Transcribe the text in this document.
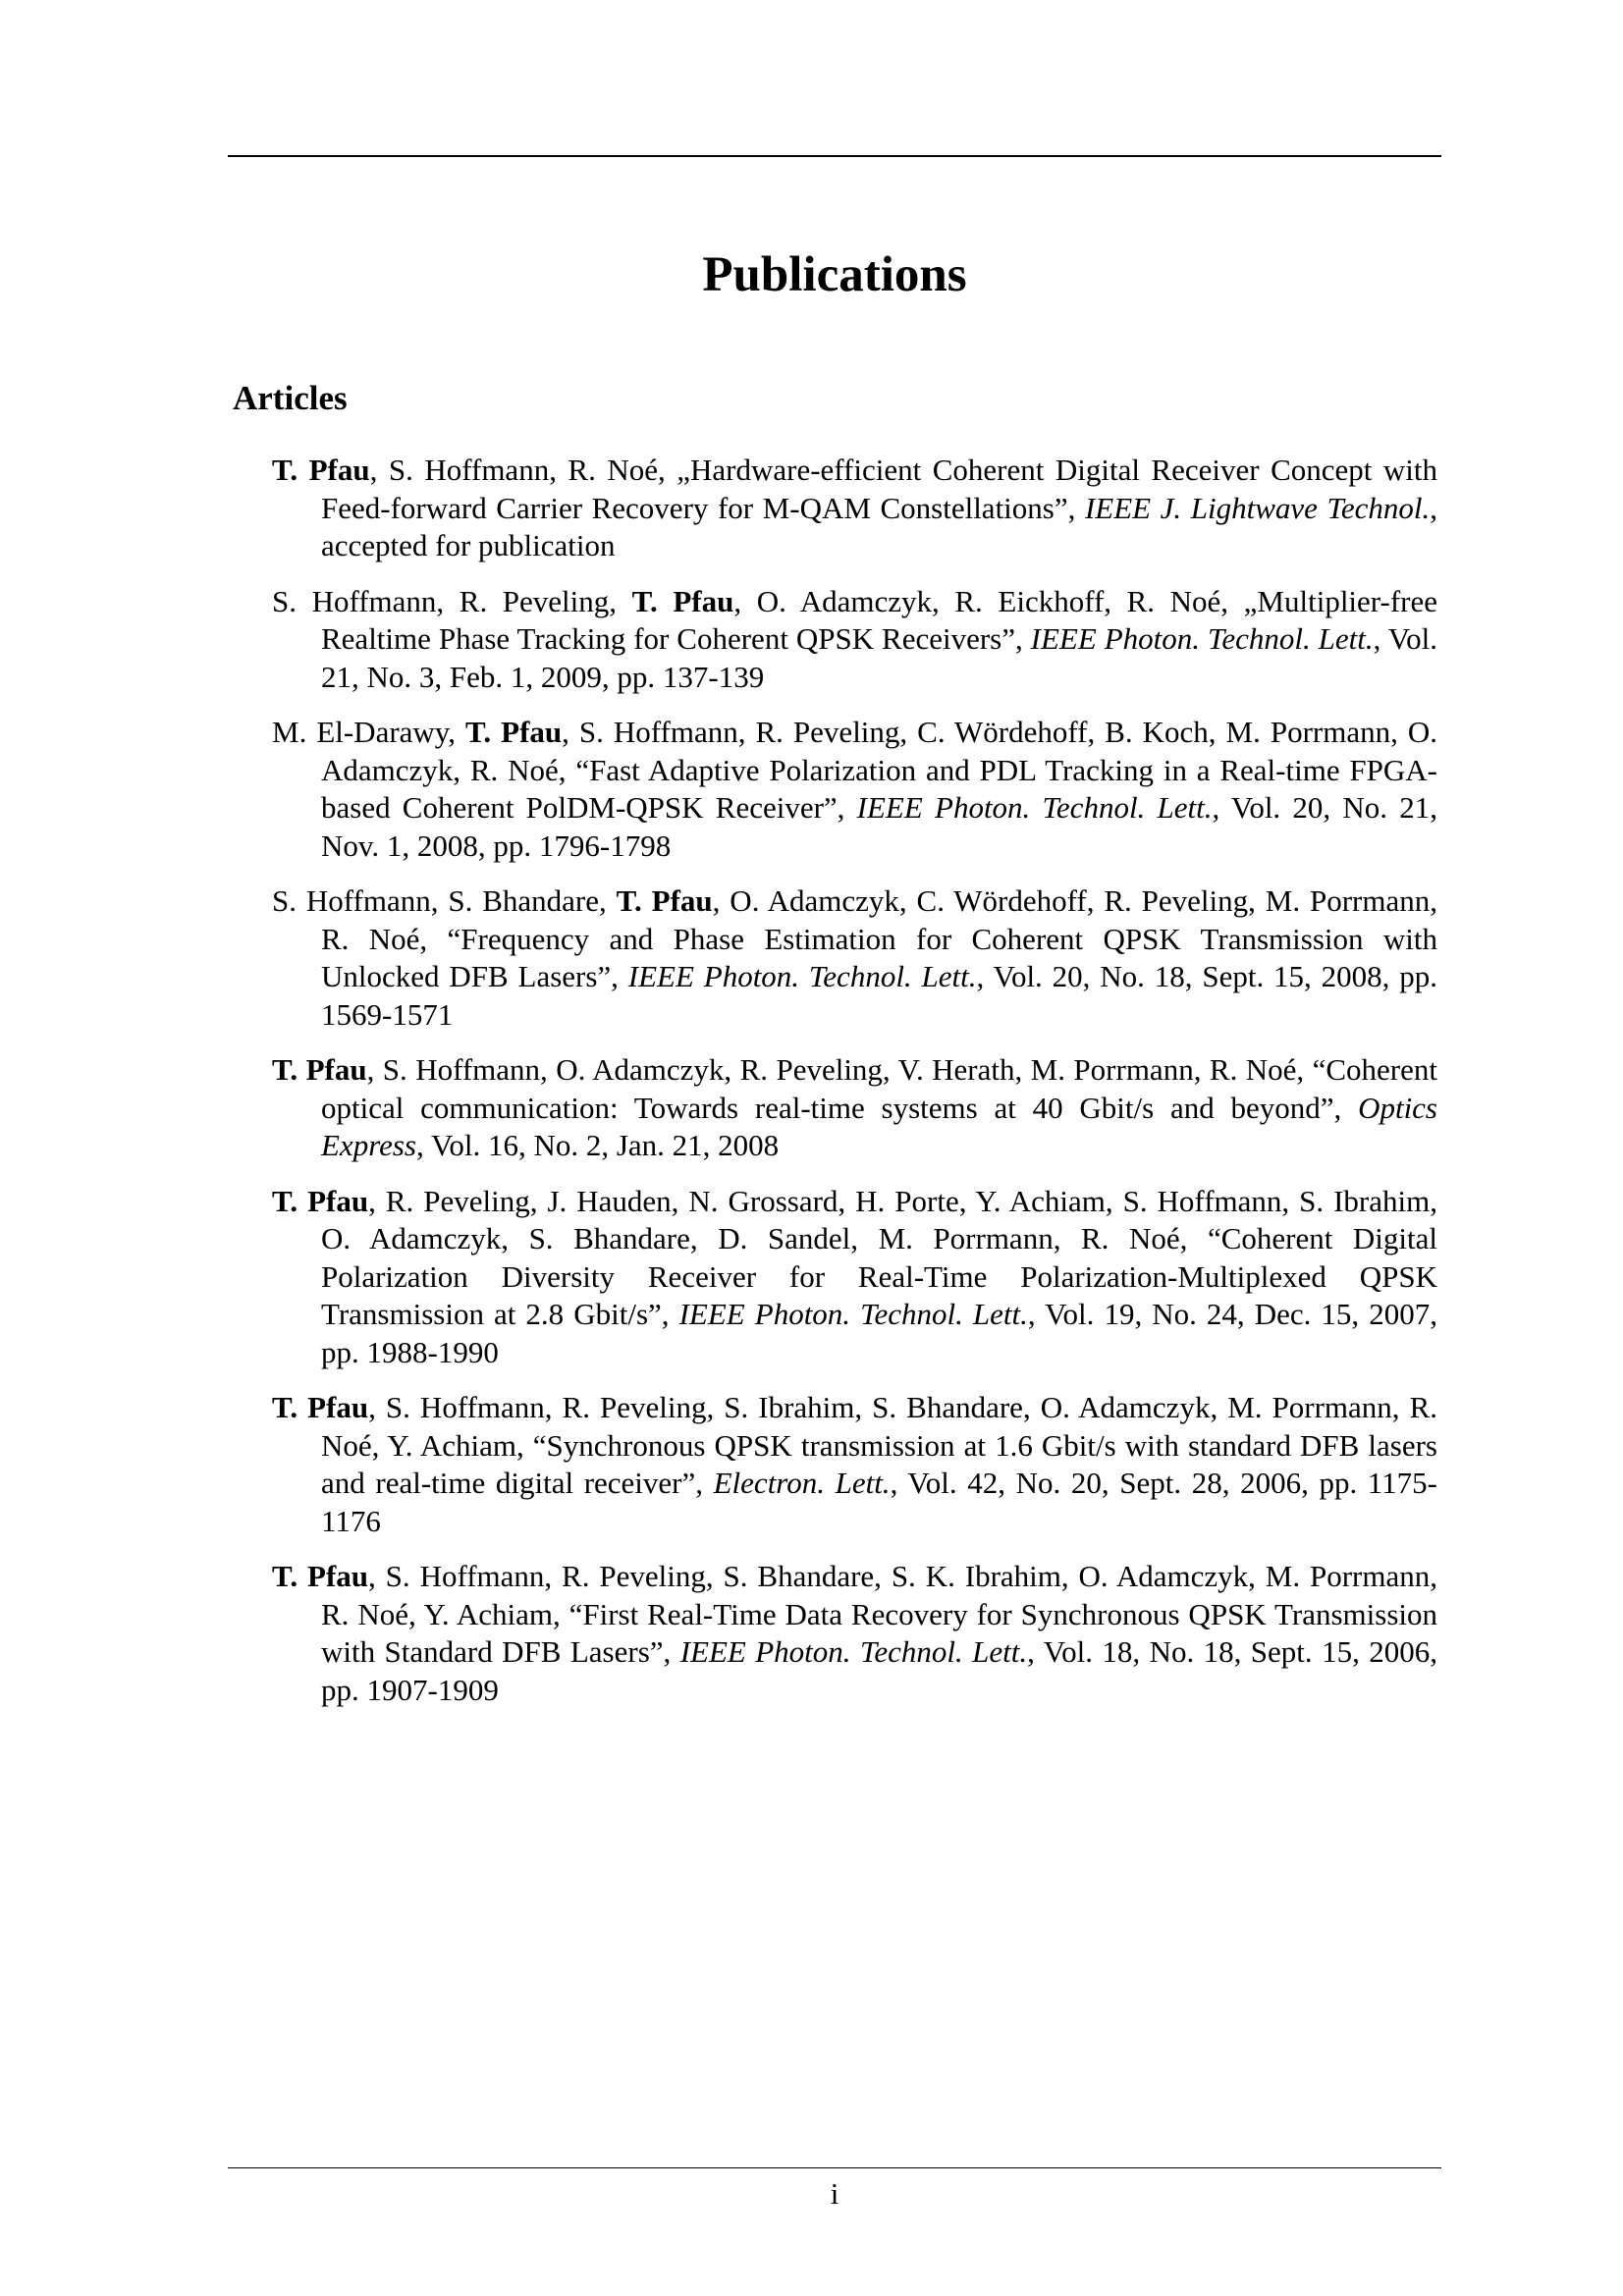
Publications
Articles
T. Pfau, S. Hoffmann, R. Noé, „Hardware-efficient Coherent Digital Receiver Concept with Feed-forward Carrier Recovery for M-QAM Constellations”, IEEE J. Lightwave Technol., accepted for publication
S. Hoffmann, R. Peveling, T. Pfau, O. Adamczyk, R. Eickhoff, R. Noé, „Multiplier-free Realtime Phase Tracking for Coherent QPSK Receivers”, IEEE Photon. Technol. Lett., Vol. 21, No. 3, Feb. 1, 2009, pp. 137-139
M. El-Darawy, T. Pfau, S. Hoffmann, R. Peveling, C. Wördehoff, B. Koch, M. Porrmann, O. Adamczyk, R. Noé, “Fast Adaptive Polarization and PDL Tracking in a Real-time FPGA-based Coherent PolDM-QPSK Receiver”, IEEE Photon. Technol. Lett., Vol. 20, No. 21, Nov. 1, 2008, pp. 1796-1798
S. Hoffmann, S. Bhandare, T. Pfau, O. Adamczyk, C. Wördehoff, R. Peveling, M. Porrmann, R. Noé, “Frequency and Phase Estimation for Coherent QPSK Transmission with Unlocked DFB Lasers”, IEEE Photon. Technol. Lett., Vol. 20, No. 18, Sept. 15, 2008, pp. 1569-1571
T. Pfau, S. Hoffmann, O. Adamczyk, R. Peveling, V. Herath, M. Porrmann, R. Noé, “Coherent optical communication: Towards real-time systems at 40 Gbit/s and beyond”, Optics Express, Vol. 16, No. 2, Jan. 21, 2008
T. Pfau, R. Peveling, J. Hauden, N. Grossard, H. Porte, Y. Achiam, S. Hoffmann, S. Ibrahim, O. Adamczyk, S. Bhandare, D. Sandel, M. Porrmann, R. Noé, “Coherent Digital Polarization Diversity Receiver for Real-Time Polarization-Multiplexed QPSK Transmission at 2.8 Gbit/s”, IEEE Photon. Technol. Lett., Vol. 19, No. 24, Dec. 15, 2007, pp. 1988-1990
T. Pfau, S. Hoffmann, R. Peveling, S. Ibrahim, S. Bhandare, O. Adamczyk, M. Porrmann, R. Noé, Y. Achiam, “Synchronous QPSK transmission at 1.6 Gbit/s with standard DFB lasers and real-time digital receiver”, Electron. Lett., Vol. 42, No. 20, Sept. 28, 2006, pp. 1175-1176
T. Pfau, S. Hoffmann, R. Peveling, S. Bhandare, S. K. Ibrahim, O. Adamczyk, M. Porrmann, R. Noé, Y. Achiam, “First Real-Time Data Recovery for Synchronous QPSK Transmission with Standard DFB Lasers”, IEEE Photon. Technol. Lett., Vol. 18, No. 18, Sept. 15, 2006, pp. 1907-1909
i
